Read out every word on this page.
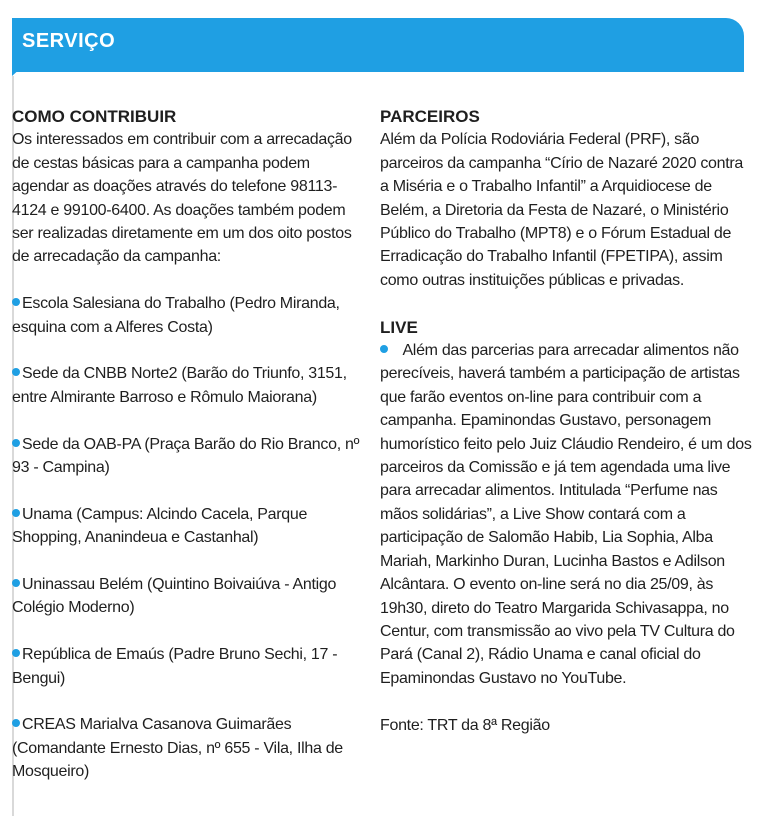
SERVIÇO
COMO CONTRIBUIR

Os interessados em contribuir com a arrecadação de cestas básicas para a campanha podem agendar as doações através do telefone 98113-4124 e 99100-6400. As doações também podem ser realizadas diretamente em um dos oito postos de arrecadação da campanha:

Escola Salesiana do Trabalho (Pedro Miranda, esquina com a Alferes Costa)
Sede da CNBB Norte2 (Barão do Triunfo, 3151, entre Almirante Barroso e Rômulo Maiorana)
Sede da OAB-PA (Praça Barão do Rio Branco, nº 93 - Campina)
Unama (Campus: Alcindo Cacela, Parque Shopping, Ananindeua e Castanhal)
Uninassau Belém (Quintino Boivaiúva - Antigo Colégio Moderno)
República de Emaús (Padre Bruno Sechi, 17 - Bengui)
CREAS Marialva Casanova Guimarães (Comandante Ernesto Dias, nº 655 - Vila, Ilha de Mosqueiro)
PARCEIROS

Além da Polícia Rodoviária Federal (PRF), são parceiros da campanha “Círio de Nazaré 2020 contra a Miséria e o Trabalho Infantil” a Arquidiocese de Belém, a Diretoria da Festa de Nazaré, o Ministério Público do Trabalho (MPT8) e o Fórum Estadual de Erradicação do Trabalho Infantil (FPETIPA), assim como outras instituições públicas e privadas.

LIVE

Além das parcerias para arrecadar alimentos não perecíveis, haverá também a participação de artistas que farão eventos on-line para contribuir com a campanha. Epaminondas Gustavo, personagem humorístico feito pelo Juiz Cláudio Rendeiro, é um dos parceiros da Comissão e já tem agendada uma live para arrecadar alimentos. Intitulada “Perfume nas mãos solidárias”, a Live Show contará com a participação de Salomão Habib, Lia Sophia, Alba Mariah, Markinho Duran, Lucinha Bastos e Adilson Alcântara. O evento on-line será no dia 25/09, às 19h30, direto do Teatro Margarida Schivasappa, no Centur, com transmissão ao vivo pela TV Cultura do Pará (Canal 2), Rádio Unama e canal oficial do Epaminondas Gustavo no YouTube.

Fonte: TRT da 8ª Região
